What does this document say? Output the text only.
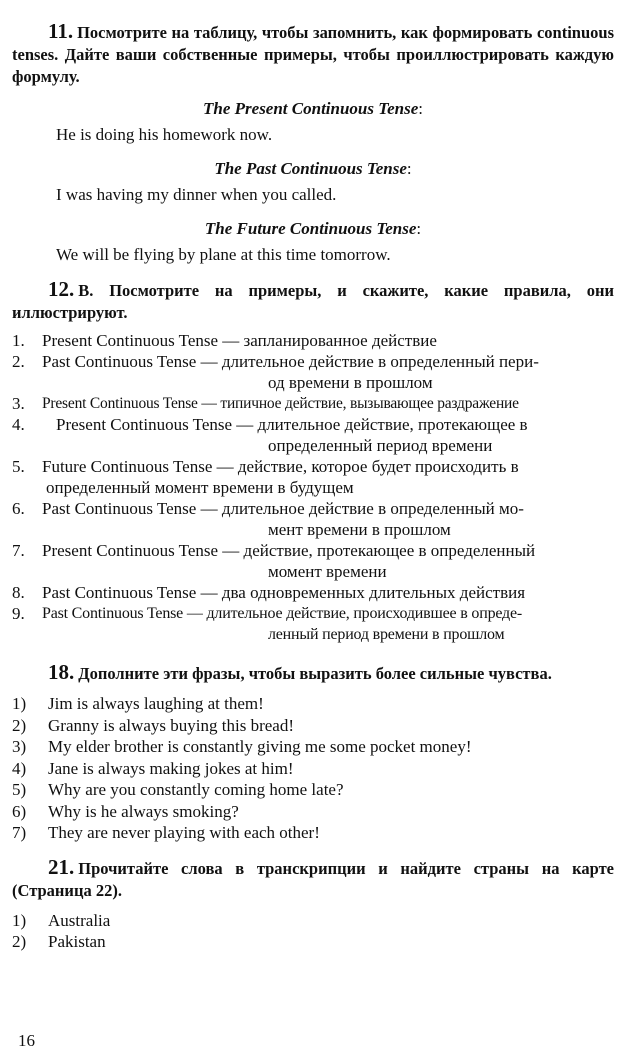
11. Посмотрите на таблицу, чтобы запомнить, как формировать continuous tenses. Дайте ваши собственные примеры, чтобы проиллюстрировать каждую формулу.

The Present Continuous Tense:
He is doing his homework now.
The Past Continuous Tense:
I was having my dinner when you called.
The Future Continuous Tense:
We will be flying by plane at this time tomorrow.

12. В. Посмотрите на примеры, и скажите, какие правила, они иллюстрируют.

1.	Present Continuous Tense — запланированное действие
2.	Past Continuous Tense — длительное действие в определенный пери-

од времени в прошлом
3.	Present Continuous Tense — типичное действие, вызывающее раздражение
4.	Present Continuous Tense — длительное действие, протекающее в

определенный период времени
5.	Future Continuous Tense — действие, которое будет происходить в

определенный момент времени в будущем
6.	Past Continuous Tense — длительное действие в определенный мо-

мент времени в прошлом
7.	Present Continuous Tense — действие, протекающее в определенный

момент времени
8.	Past Continuous Tense — два одновременных длительных действия
9.	Past Continuous Tense — длительное действие, происходившее в опреде-

ленный период времени в прошлом

18. Дополните эти фразы, чтобы выразить более сильные чувства.

1)	Jim is always laughing at them!
2)	Granny is always buying this bread!
3)	My elder brother is constantly giving me some pocket money!
4)	Jane is always making jokes at him!
5)	Why are you constantly coming home late?
6)	Why is he always smoking?
7)	They are never playing with each other!

21. Прочитайте слова в транскрипции и найдите страны на карте (Страница 22).

1)	Australia
2)	Pakistan
16
